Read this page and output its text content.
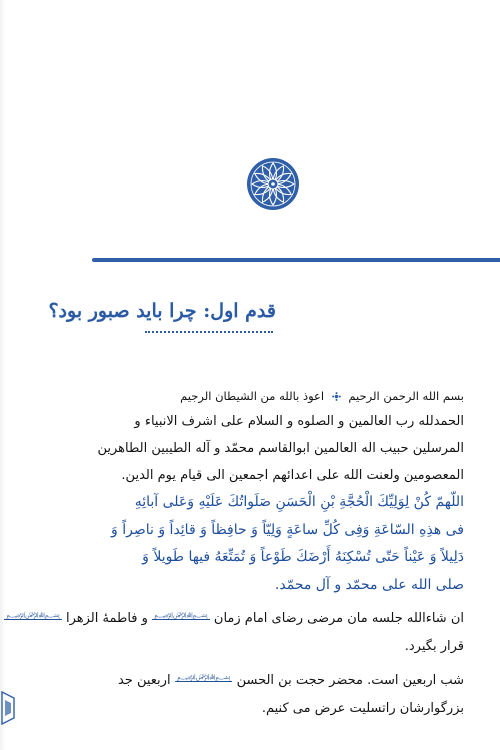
قدم اول: چرا باید صبور بود؟
بسم الله الرحمن الرحيم  اعوذ بالله من الشيطان الرجيم
الحمدلله رب العالمين و الصلوه و السلام على اشرف الانبياء و
المرسلين حبيب اله العالمين ابوالقاسم محمّد و آله الطيبين الطاهرين
المعصومين ولعنت الله على اعدائهم اجمعين الى قيام يوم الدين.
اللّهمّ كُنْ لِوَلِيِّكَ الْحُجَّةِ بْنِ الْحَسَنِ صَلَواتُكَ عَلَيْهِ وَعَلى آبائِهِ
فى هذِهِ السّاعَةِ وَفِى كُلِّ ساعَةٍ وَلِيّاً وَ حافِظاً وَ قائِداً وَ ناصِراً وَ
دَلِيلاً وَ عَيْناً حَتّى تُسْكِنَهُ أَرْضَكَ طَوْعاً وَ تُمَتِّعَهُ فيها طَويلاً وَ
صلى الله على محمّد و آل محمّد.
ان شاءالله جلسه مان مرضى رضاى امام زمان ﷽ و فاطمهٔ الزهرا ﷽
قرار بگيرد.
شب اربعين است. محضر حجت بن الحسن ﷽ اربعين جد
بزرگوارشان راتسليت عرض مى كنيم.
